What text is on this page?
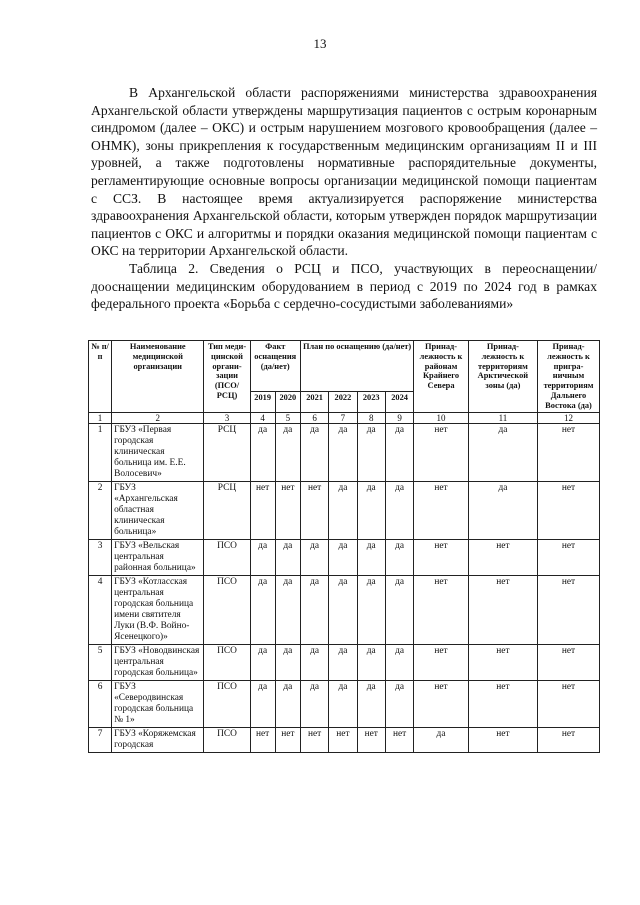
13

В Архангельской области распоряжениями министерства здравоохранения Архангельской области утверждены маршрутизация пациентов с острым коронарным синдромом (далее – ОКС) и острым нарушением мозгового кровообращения (далее – ОНМК), зоны прикрепления к государственным медицинским организациям II и III уровней, а также подготовлены нормативные распорядительные документы, регламентирующие основные вопросы организации медицинской помощи пациентам с ССЗ. В настоящее время актуализируется распоряжение министерства здравоохранения Архангельской области, которым утвержден порядок маршрутизации пациентов с ОКС и алгоритмы и порядки оказания медицинской помощи пациентам с ОКС на территории Архангельской области.

Таблица 2. Сведения о РСЦ и ПСО, участвующих в переоснащении/ дооснащении медицинским оборудованием в период с 2019 по 2024 год в рамках федерального проекта «Борьба с сердечно-сосудистыми заболеваниями»

№ п/п	Наименование медицинской организации	Тип меди-цинской органи-зации (ПСО/ РСЦ)	Факт оснащения (да/нет)		План по оснащению (да/нет)				Принад-лежность к районам Крайнего Севера	Принад-лежность к территориям Арктической зоны (да)	Принад-лежность к пригра-ничным территориям Дальнего Востока (да)
			2019	2020	2021	2022	2023	2024			
1	2	3	4	5	6	7	8	9	10	11	12
1	ГБУЗ «Первая городская клиническая больница им. Е.Е. Волосевич»	РСЦ	да	да	да	да	да	да	нет	да	нет
2	ГБУЗ «Архангельская областная клиническая больница»	РСЦ	нет	нет	нет	да	да	да	нет	да	нет
3	ГБУЗ «Вельская центральная районная больница»	ПСО	да	да	да	да	да	да	нет	нет	нет
4	ГБУЗ «Котласская центральная городская больница имени святителя Луки (В.Ф. Войно-Ясенецкого)»	ПСО	да	да	да	да	да	да	нет	нет	нет
5	ГБУЗ «Новодвинская центральная городская больница»	ПСО	да	да	да	да	да	да	нет	нет	нет
6	ГБУЗ «Северодвинская городская больница № 1»	ПСО	да	да	да	да	да	да	нет	нет	нет
7	ГБУЗ «Коряжемская городская	ПСО	нет	нет	нет	нет	нет	нет	да	нет	нет
